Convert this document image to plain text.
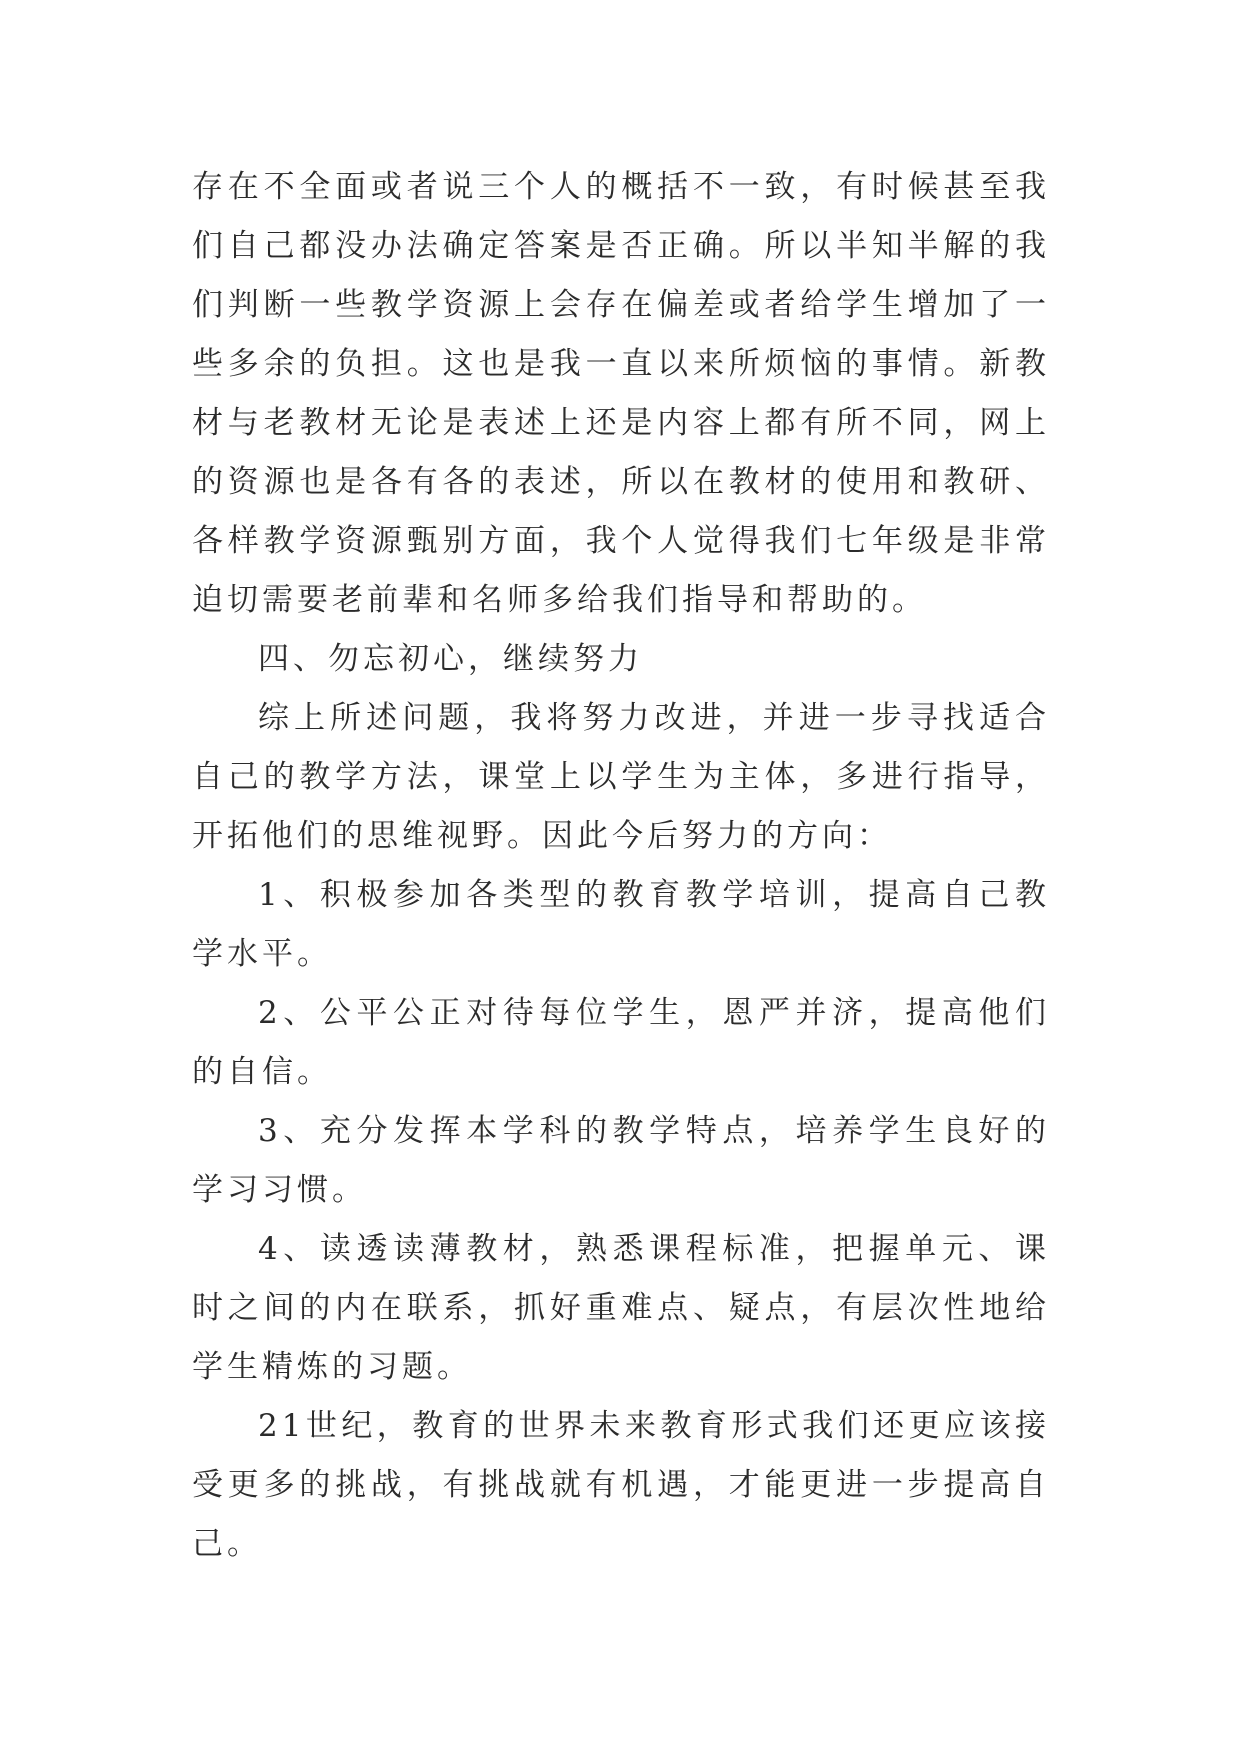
存在不全面或者说三个人的概括不一致，有时候甚至我们自己都没办法确定答案是否正确。所以半知半解的我们判断一些教学资源上会存在偏差或者给学生增加了一些多余的负担。这也是我一直以来所烦恼的事情。新教材与老教材无论是表述上还是内容上都有所不同，网上的资源也是各有各的表述，所以在教材的使用和教研、各样教学资源甄别方面，我个人觉得我们七年级是非常迫切需要老前辈和名师多给我们指导和帮助的。

四、勿忘初心，继续努力

综上所述问题，我将努力改进，并进一步寻找适合自己的教学方法，课堂上以学生为主体，多进行指导，开拓他们的思维视野。因此今后努力的方向：

1、积极参加各类型的教育教学培训，提高自己教学水平。

2、公平公正对待每位学生，恩严并济，提高他们的自信。

3、充分发挥本学科的教学特点，培养学生良好的学习习惯。

4、读透读薄教材，熟悉课程标准，把握单元、课时之间的内在联系，抓好重难点、疑点，有层次性地给学生精炼的习题。

21世纪，教育的世界未来教育形式我们还更应该接受更多的挑战，有挑战就有机遇，才能更进一步提高自己。
